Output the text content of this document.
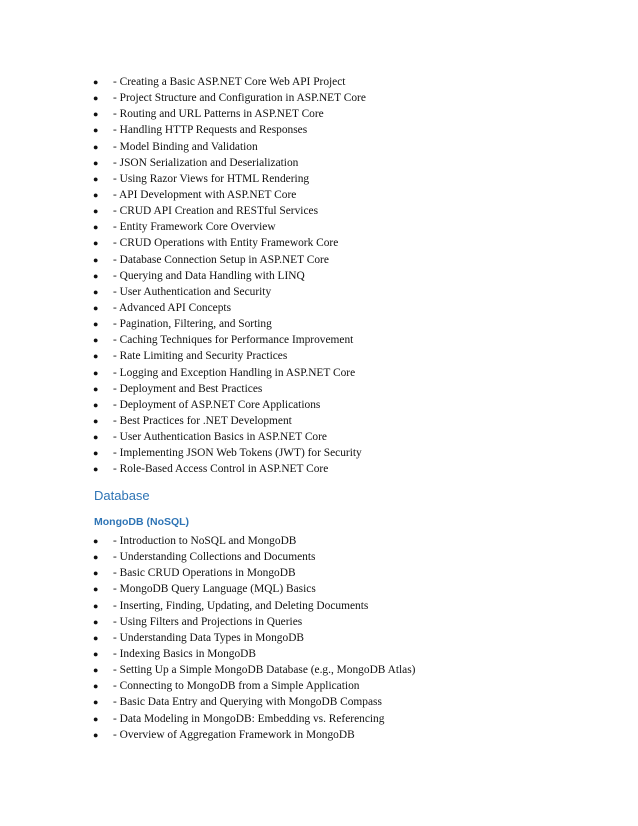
● - Creating a Basic ASP.NET Core Web API Project
● - Project Structure and Configuration in ASP.NET Core
● - Routing and URL Patterns in ASP.NET Core
● - Handling HTTP Requests and Responses
● - Model Binding and Validation
● - JSON Serialization and Deserialization
● - Using Razor Views for HTML Rendering
● - API Development with ASP.NET Core
● - CRUD API Creation and RESTful Services
● - Entity Framework Core Overview
● - CRUD Operations with Entity Framework Core
● - Database Connection Setup in ASP.NET Core
● - Querying and Data Handling with LINQ
● - User Authentication and Security
● - Advanced API Concepts
● - Pagination, Filtering, and Sorting
● - Caching Techniques for Performance Improvement
● - Rate Limiting and Security Practices
● - Logging and Exception Handling in ASP.NET Core
● - Deployment and Best Practices
● - Deployment of ASP.NET Core Applications
● - Best Practices for .NET Development
● - User Authentication Basics in ASP.NET Core
● - Implementing JSON Web Tokens (JWT) for Security
● - Role-Based Access Control in ASP.NET Core
Database
MongoDB (NoSQL)
● - Introduction to NoSQL and MongoDB
● - Understanding Collections and Documents
● - Basic CRUD Operations in MongoDB
● - MongoDB Query Language (MQL) Basics
● - Inserting, Finding, Updating, and Deleting Documents
● - Using Filters and Projections in Queries
● - Understanding Data Types in MongoDB
● - Indexing Basics in MongoDB
● - Setting Up a Simple MongoDB Database (e.g., MongoDB Atlas)
● - Connecting to MongoDB from a Simple Application
● - Basic Data Entry and Querying with MongoDB Compass
● - Data Modeling in MongoDB: Embedding vs. Referencing
● - Overview of Aggregation Framework in MongoDB
